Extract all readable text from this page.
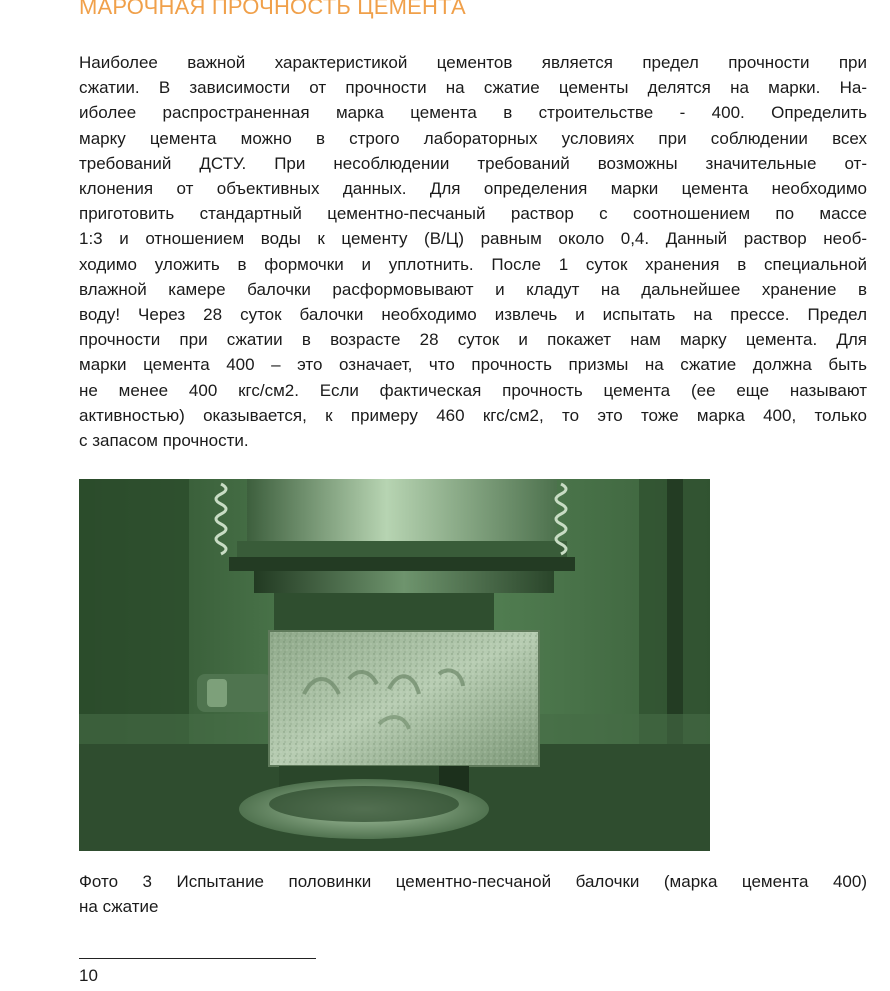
МАРОЧНАЯ ПРОЧНОСТЬ ЦЕМЕНТА
Наиболее важной характеристикой цементов является предел прочности при
сжатии. В зависимости от прочности на сжатие цементы делятся на марки. На-
иболее распространенная марка цемента в строительстве - 400. Определить
марку цемента можно в строго лабораторных условиях при соблюдении всех
требований ДСТУ. При несоблюдении требований возможны значительные от-
клонения от объективных данных. Для определения марки цемента необходимо
приготовить стандартный цементно-песчаный раствор с соотношением по массе
1:3 и отношением воды к цементу (В/Ц) равным около 0,4. Данный раствор необ-
ходимо уложить в формочки и уплотнить. После 1 суток хранения в специальной
влажной камере балочки расформовывают и кладут на дальнейшее хранение в
воду! Через 28 суток балочки необходимо извлечь и испытать на прессе. Предел
прочности при сжатии в возрасте 28 суток и покажет нам марку цемента. Для
марки цемента 400 – это означает, что прочность призмы на сжатие должна быть
не менее 400 кгс/см2. Если фактическая прочность цемента (ее еще называют
активностью) оказывается, к примеру 460 кгс/см2, то это тоже марка 400, только
с запасом прочности.
Фото 3 Испытание половинки цементно-песчаной балочки (марка цемента 400)
на сжатие
10
